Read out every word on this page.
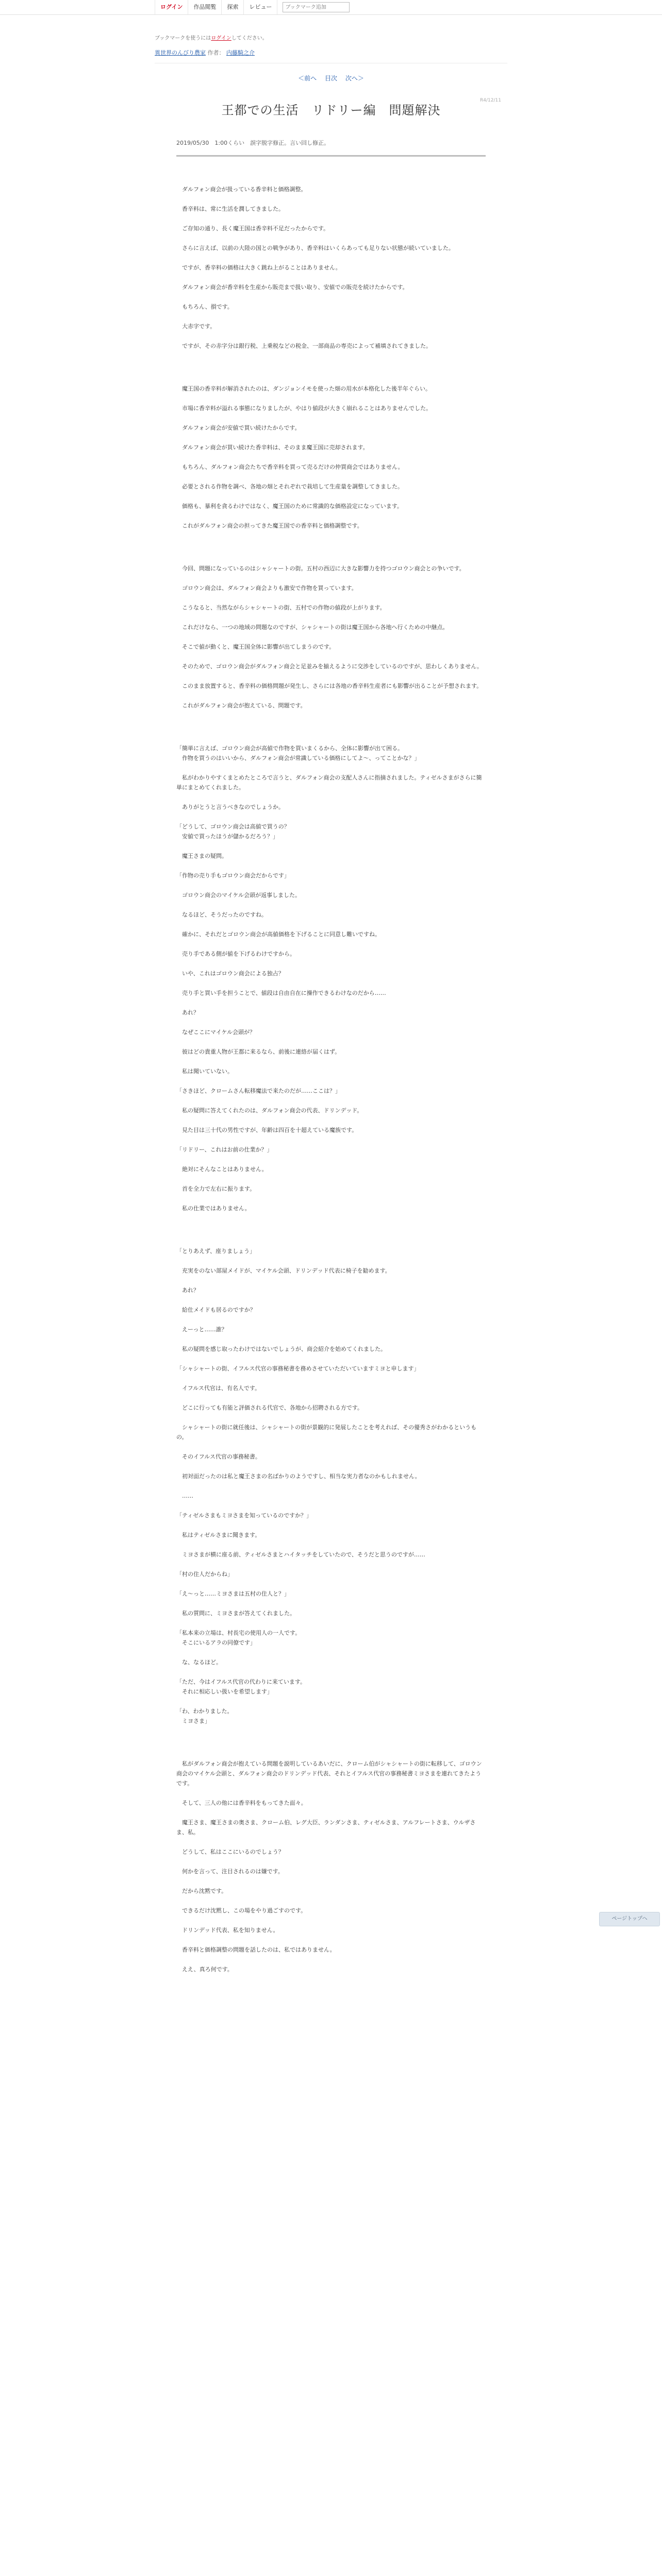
ログイン	作品閲覧	探索	レビュー
ブックマーク追加
ブックマークを使うにはログインしてください。
異世界のんびり農家 作者： 内藤騎之介
＜前へ 目次 次へ＞
R4/12/11
王都での生活　リドリー編　問題解決
2019/05/30　1:00くらい　誤字脱字修正。言い回し修正。

　ダルフォン商会が扱っている香辛料と価格調整。

　香辛料は、常に生活を潤してきました。

　ご存知の通り、長く魔王国は香辛料不足だったからです。

　さらに言えば、以前の大陸の国との戦争があり、香辛料はいくらあっても足りない状態が続いていました。

　ですが、香辛料の価格は大きく跳ね上がることはありません。

　ダルフォン商会が香辛料を生産から販売まで扱い取り、安値での販売を続けたからです。

　もちろん、損です。

　大赤字です。

　ですが、その赤字分は銀行税、上乗税などの税金、一部商品の専売によって補填されてきました。

　魔王国の香辛料が解消されたのは、ダンジョンイモを使った畑の用水が本格化した後半年ぐらい。

　市場に香辛料が溢れる事態になりましたが、やはり値段が大きく崩れることはありませんでした。

　ダルフォン商会が安値で買い続けたからです。

　ダルフォン商会が買い続けた香辛料は、そのまま魔王国に売却されます。

　もちろん、ダルフォン商会たちで香辛料を買って売るだけの仲買商会ではありません。

　必要とされる作物を調べ、各地の畑とそれぞれで栽培して生産量を調整してきました。

　価格も、暴利を貪るわけではなく、魔王国のために常識的な価格設定になっています。

　これがダルフォン商会の担ってきた魔王国での香辛料と価格調整です。

　今回、問題になっているのはシャシャートの街。五村の西辺に大きな影響力を持つゴロウン商会との争いです。

　ゴロウン商会は、ダルフォン商会よりも激安で作物を買っています。

　こうなると、当然ながらシャシャートの街、五村での作物の値段が上がります。

　これだけなら、一つの地域の問題なのですが、シャシャートの街は魔王国から各地へ行くための中継点。

　そこで値が動くと、魔王国全体に影響が出てしまうのです。

　そのためで、ゴロウン商会がダルフォン商会と足並みを揃えるように交渉をしているのですが、思わしくありません。

　このまま放置すると、香辛料の価格問題が発生し、さらには各地の香辛料生産者にも影響が出ることが予想されます。

　これがダルフォン商会が抱えている、問題です。

「簡単に言えば、ゴロウン商会が高値で作物を買いまくるから、全体に影響が出て困る。
　作物を買うのはいいから、ダルフォン商会が常識している価格にしてよ～、ってことかな？」

　私がわかりやすくまとめたところで言うと、ダルフォン商会の支配人さんに指摘されました。ティゼルさまがさらに簡単にまとめてくれました。

　ありがとうと言うべきなのでしょうか。

「どうして、ゴロウン商会は高値で買うの？
　安値で買ったほうが儲かるだろう？」

　魔王さまの疑問。

「作物の売り手もゴロウン商会だからです」

　ゴロウン商会のマイケル会頭が返事しました。

　なるほど、そうだったのですね。

　確かに、それだとゴロウン商会が高値価格を下げることに同意し難いですね。

　売り手である側が値を下げるわけですから。

　いや、これはゴロウン商会による独占？

　売り手と買い手を担うことで、値段は自由自在に操作できるわけなのだから……

　あれ？

　なぜここにマイケル会頭が？

　彼はどの貴重人物が王都に来るなら、前後に連絡が届くはず。

　私は聞いていない。

「さきほど、クロームさん転移魔法で来たのだが……ここは？」

　私の疑問に答えてくれたのは、ダルフォン商会の代表、ドリンデッド。

　見た目は三十代の男性ですが、年齢は四百を十超えている魔族です。

「リドリー、これはお前の仕業か？」

　絶対にそんなことはありません。

　首を全力で左右に振ります。

　私の仕業ではありません。

「とりあえず、座りましょう」

　充実をのない部屋メイドが、マイケル会頭、ドリンデッド代表に椅子を勧めます。

　あれ？

　給仕メイドも居るのですか？

　えーっと……誰？

　私の疑問を感じ取ったわけではないでしょうが、商会紹介を始めてくれました。

「シャシャートの街、イフルス代官の事務秘書を務めさせていただいていますミヨと申します」

　イフルス代官は、有名人です。

　どこに行っても有能と評価される代官で、各地から招聘される方です。

　シャシャートの街に就任後は、シャシャートの街が景観的に発展したことを考えれば、その優秀さがわかるというもの。

　そのイフルス代官の事務秘書。

　初対面だったのは私と魔王さまの名ばかりのようですし、相当な実力者なのかもしれません。

　……

「ティゼルさまもミヨさまを知っているのですか？」

　私はティゼルさまに聞きます。

　ミヨさまが横に座る前、ティゼルさまとハイタッチをしていたので、そうだと思うのですが……

「村の住人だからね」

「え～っと……ミヨさまは五村の住人と？」

　私の質問に、ミヨさまが答えてくれました。

「私本来の立場は、村長宅の使用人の一人です。
　そこにいるアラの同僚です」

　な、なるほど。

「ただ、今はイフルス代官の代わりに来ています。
　それに相応しい扱いを希望します」

「わ、わかりました。
　ミヨさま」

　私がダルフォン商会が抱えている問題を説明しているあいだに、クローム伯がシャシャートの街に転移して、ゴロウン商会のマイケル会頭と、ダルフォン商会のドリンデッド代表、それとイフルス代官の事務秘書ミヨさまを連れてきたようです。

　そして、三人の他には香辛料をもってきた面々。

　魔王さま、魔王さまの奥さま、クローム伯、レグ大臣、ランダンさま、ティゼルさま、アルフレートさま、ウルザさま、私。

　どうして、私はここにいるのでしょう？

　何かを言って、注目されるのは嫌です。

　だから沈黙です。

　できるだけ沈黙し、この場をやり過ごすのです。

　ドリンデッド代表、私を知りません。

　香辛料と価格調整の問題を話したのは、私ではありません。

　ええ、真ろ何です。

ページトップへ
